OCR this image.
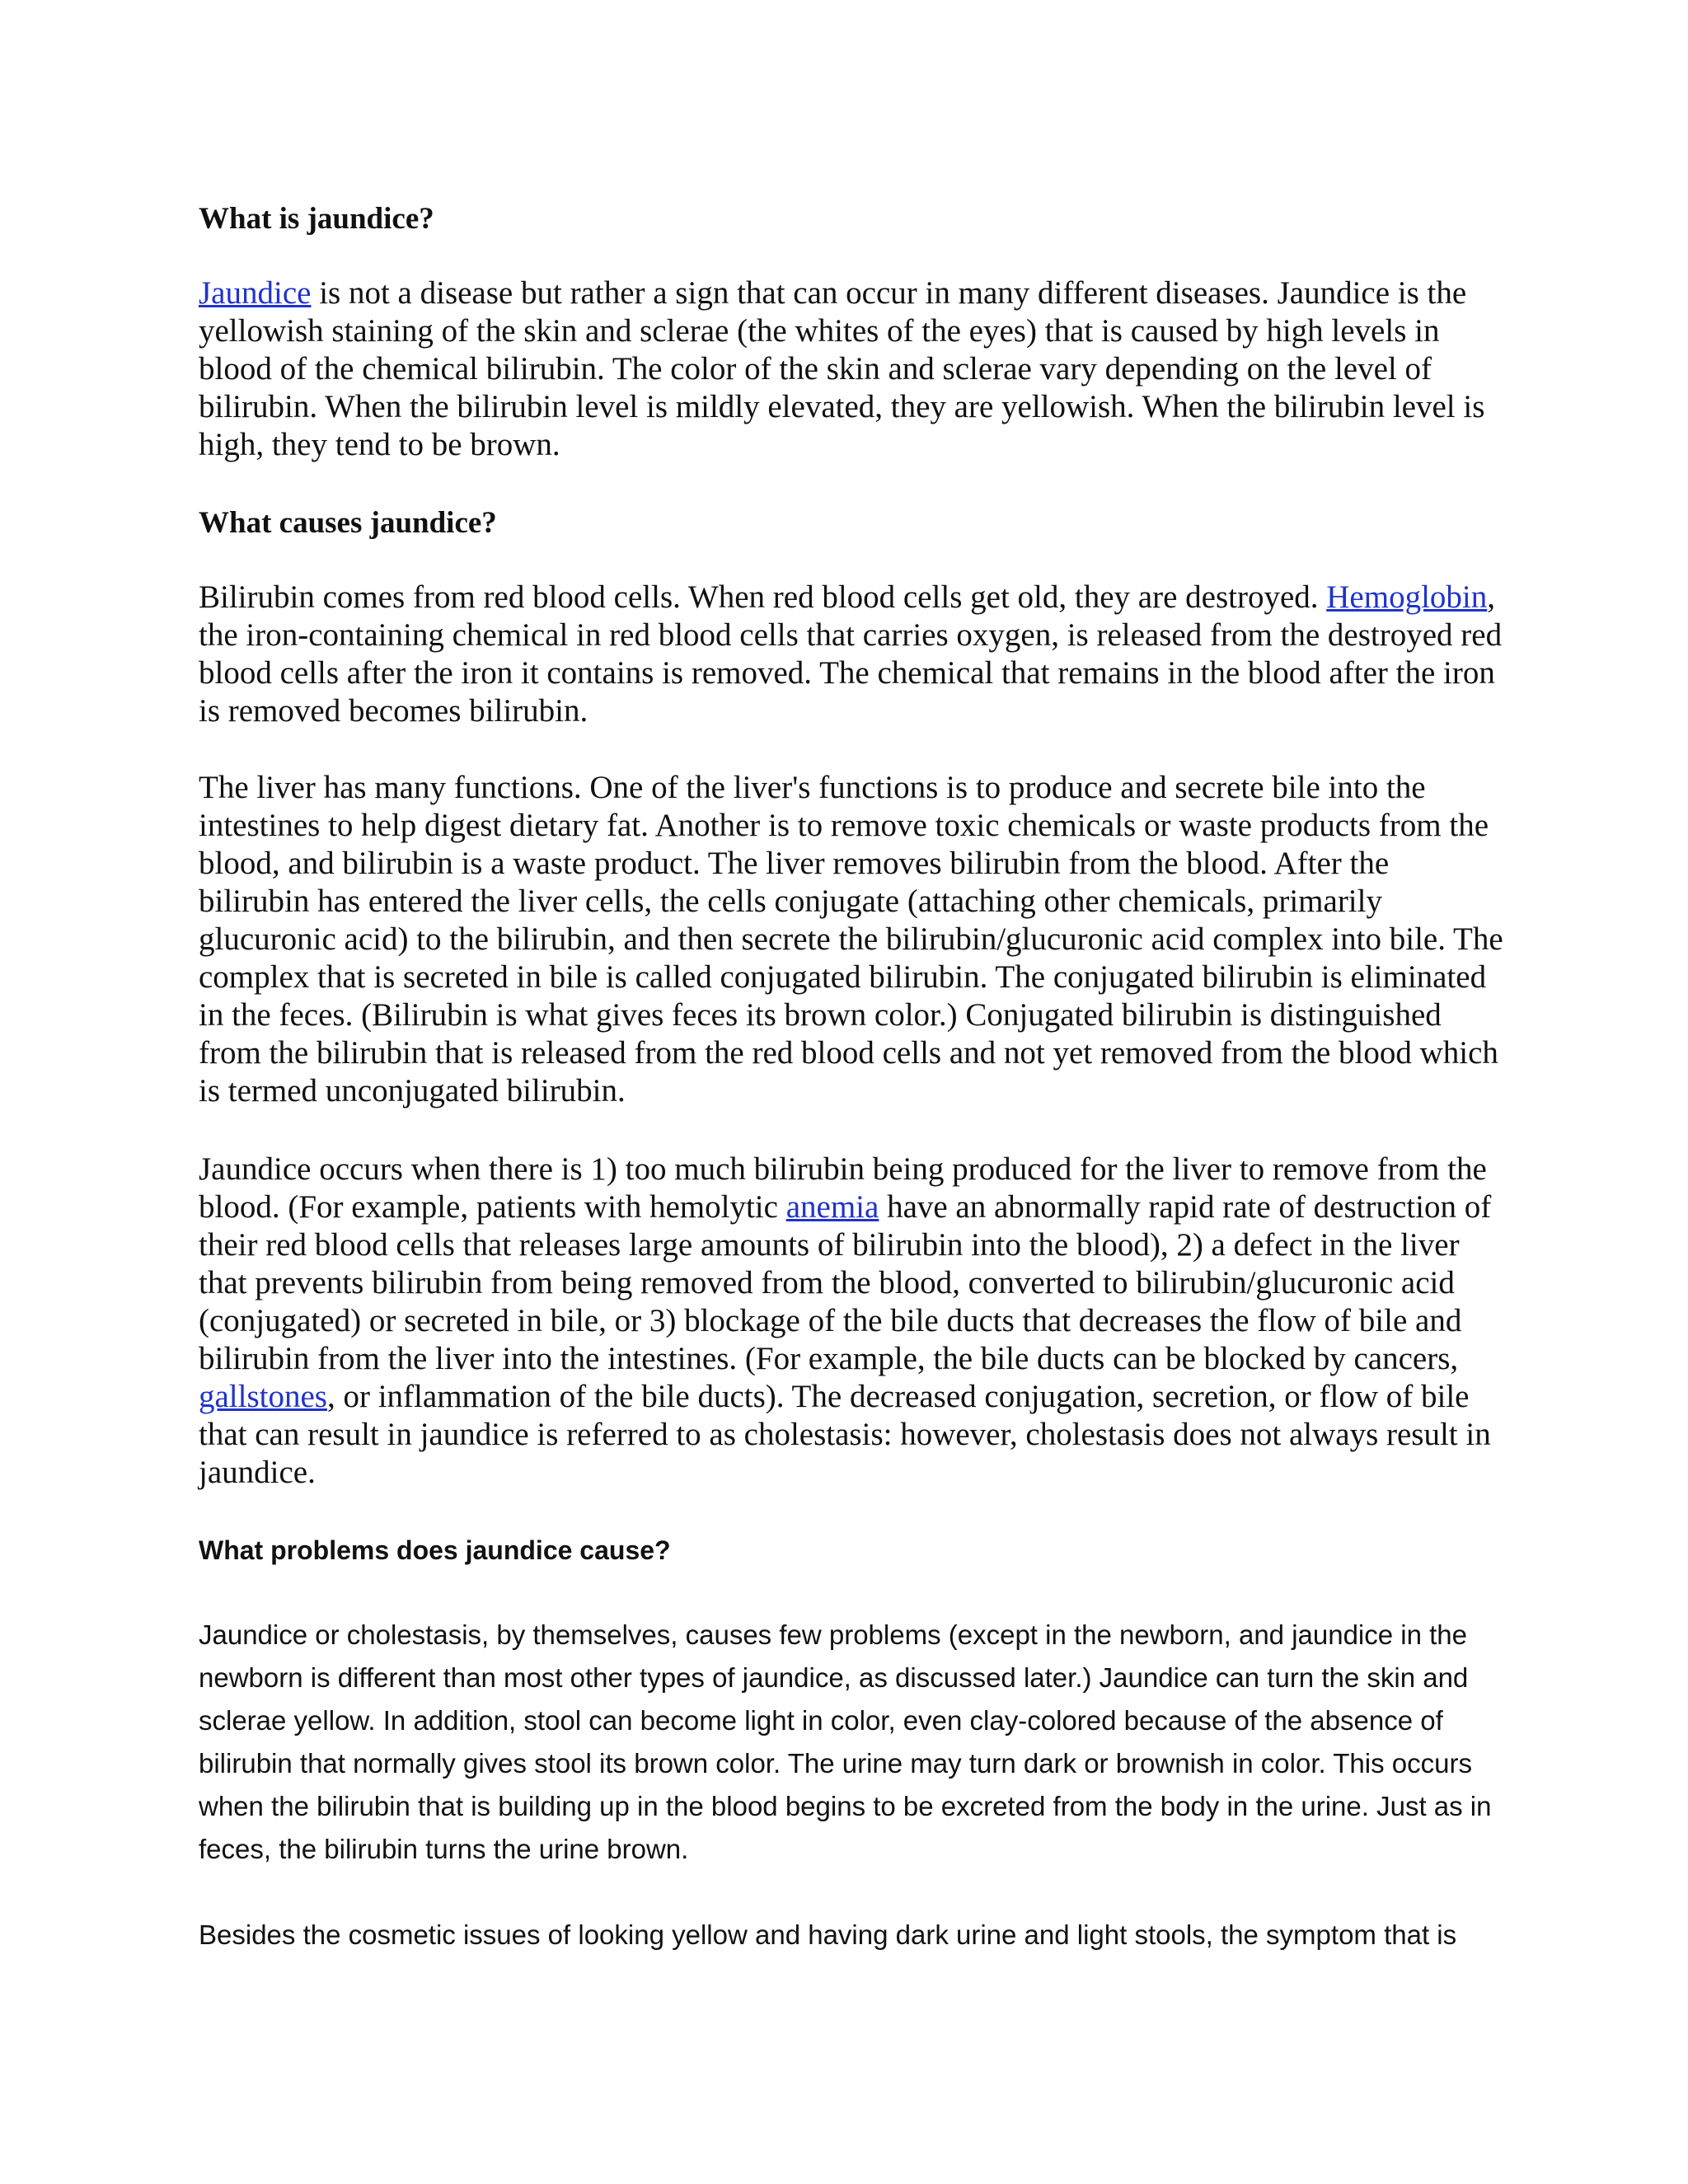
What is jaundice?

Jaundice is not a disease but rather a sign that can occur in many different diseases. Jaundice is the yellowish staining of the skin and sclerae (the whites of the eyes) that is caused by high levels in blood of the chemical bilirubin. The color of the skin and sclerae vary depending on the level of bilirubin. When the bilirubin level is mildly elevated, they are yellowish. When the bilirubin level is high, they tend to be brown.

What causes jaundice?

Bilirubin comes from red blood cells. When red blood cells get old, they are destroyed. Hemoglobin, the iron-containing chemical in red blood cells that carries oxygen, is released from the destroyed red blood cells after the iron it contains is removed. The chemical that remains in the blood after the iron is removed becomes bilirubin.

The liver has many functions. One of the liver's functions is to produce and secrete bile into the intestines to help digest dietary fat. Another is to remove toxic chemicals or waste products from the blood, and bilirubin is a waste product. The liver removes bilirubin from the blood. After the bilirubin has entered the liver cells, the cells conjugate (attaching other chemicals, primarily glucuronic acid) to the bilirubin, and then secrete the bilirubin/glucuronic acid complex into bile. The complex that is secreted in bile is called conjugated bilirubin. The conjugated bilirubin is eliminated in the feces. (Bilirubin is what gives feces its brown color.) Conjugated bilirubin is distinguished from the bilirubin that is released from the red blood cells and not yet removed from the blood which is termed unconjugated bilirubin.

Jaundice occurs when there is 1) too much bilirubin being produced for the liver to remove from the blood. (For example, patients with hemolytic anemia have an abnormally rapid rate of destruction of their red blood cells that releases large amounts of bilirubin into the blood), 2) a defect in the liver that prevents bilirubin from being removed from the blood, converted to bilirubin/glucuronic acid (conjugated) or secreted in bile, or 3) blockage of the bile ducts that decreases the flow of bile and bilirubin from the liver into the intestines. (For example, the bile ducts can be blocked by cancers, gallstones, or inflammation of the bile ducts). The decreased conjugation, secretion, or flow of bile that can result in jaundice is referred to as cholestasis: however, cholestasis does not always result in jaundice.

What problems does jaundice cause?

Jaundice or cholestasis, by themselves, causes few problems (except in the newborn, and jaundice in the newborn is different than most other types of jaundice, as discussed later.) Jaundice can turn the skin and sclerae yellow. In addition, stool can become light in color, even clay-colored because of the absence of bilirubin that normally gives stool its brown color. The urine may turn dark or brownish in color. This occurs when the bilirubin that is building up in the blood begins to be excreted from the body in the urine. Just as in feces, the bilirubin turns the urine brown.

Besides the cosmetic issues of looking yellow and having dark urine and light stools, the symptom that is
